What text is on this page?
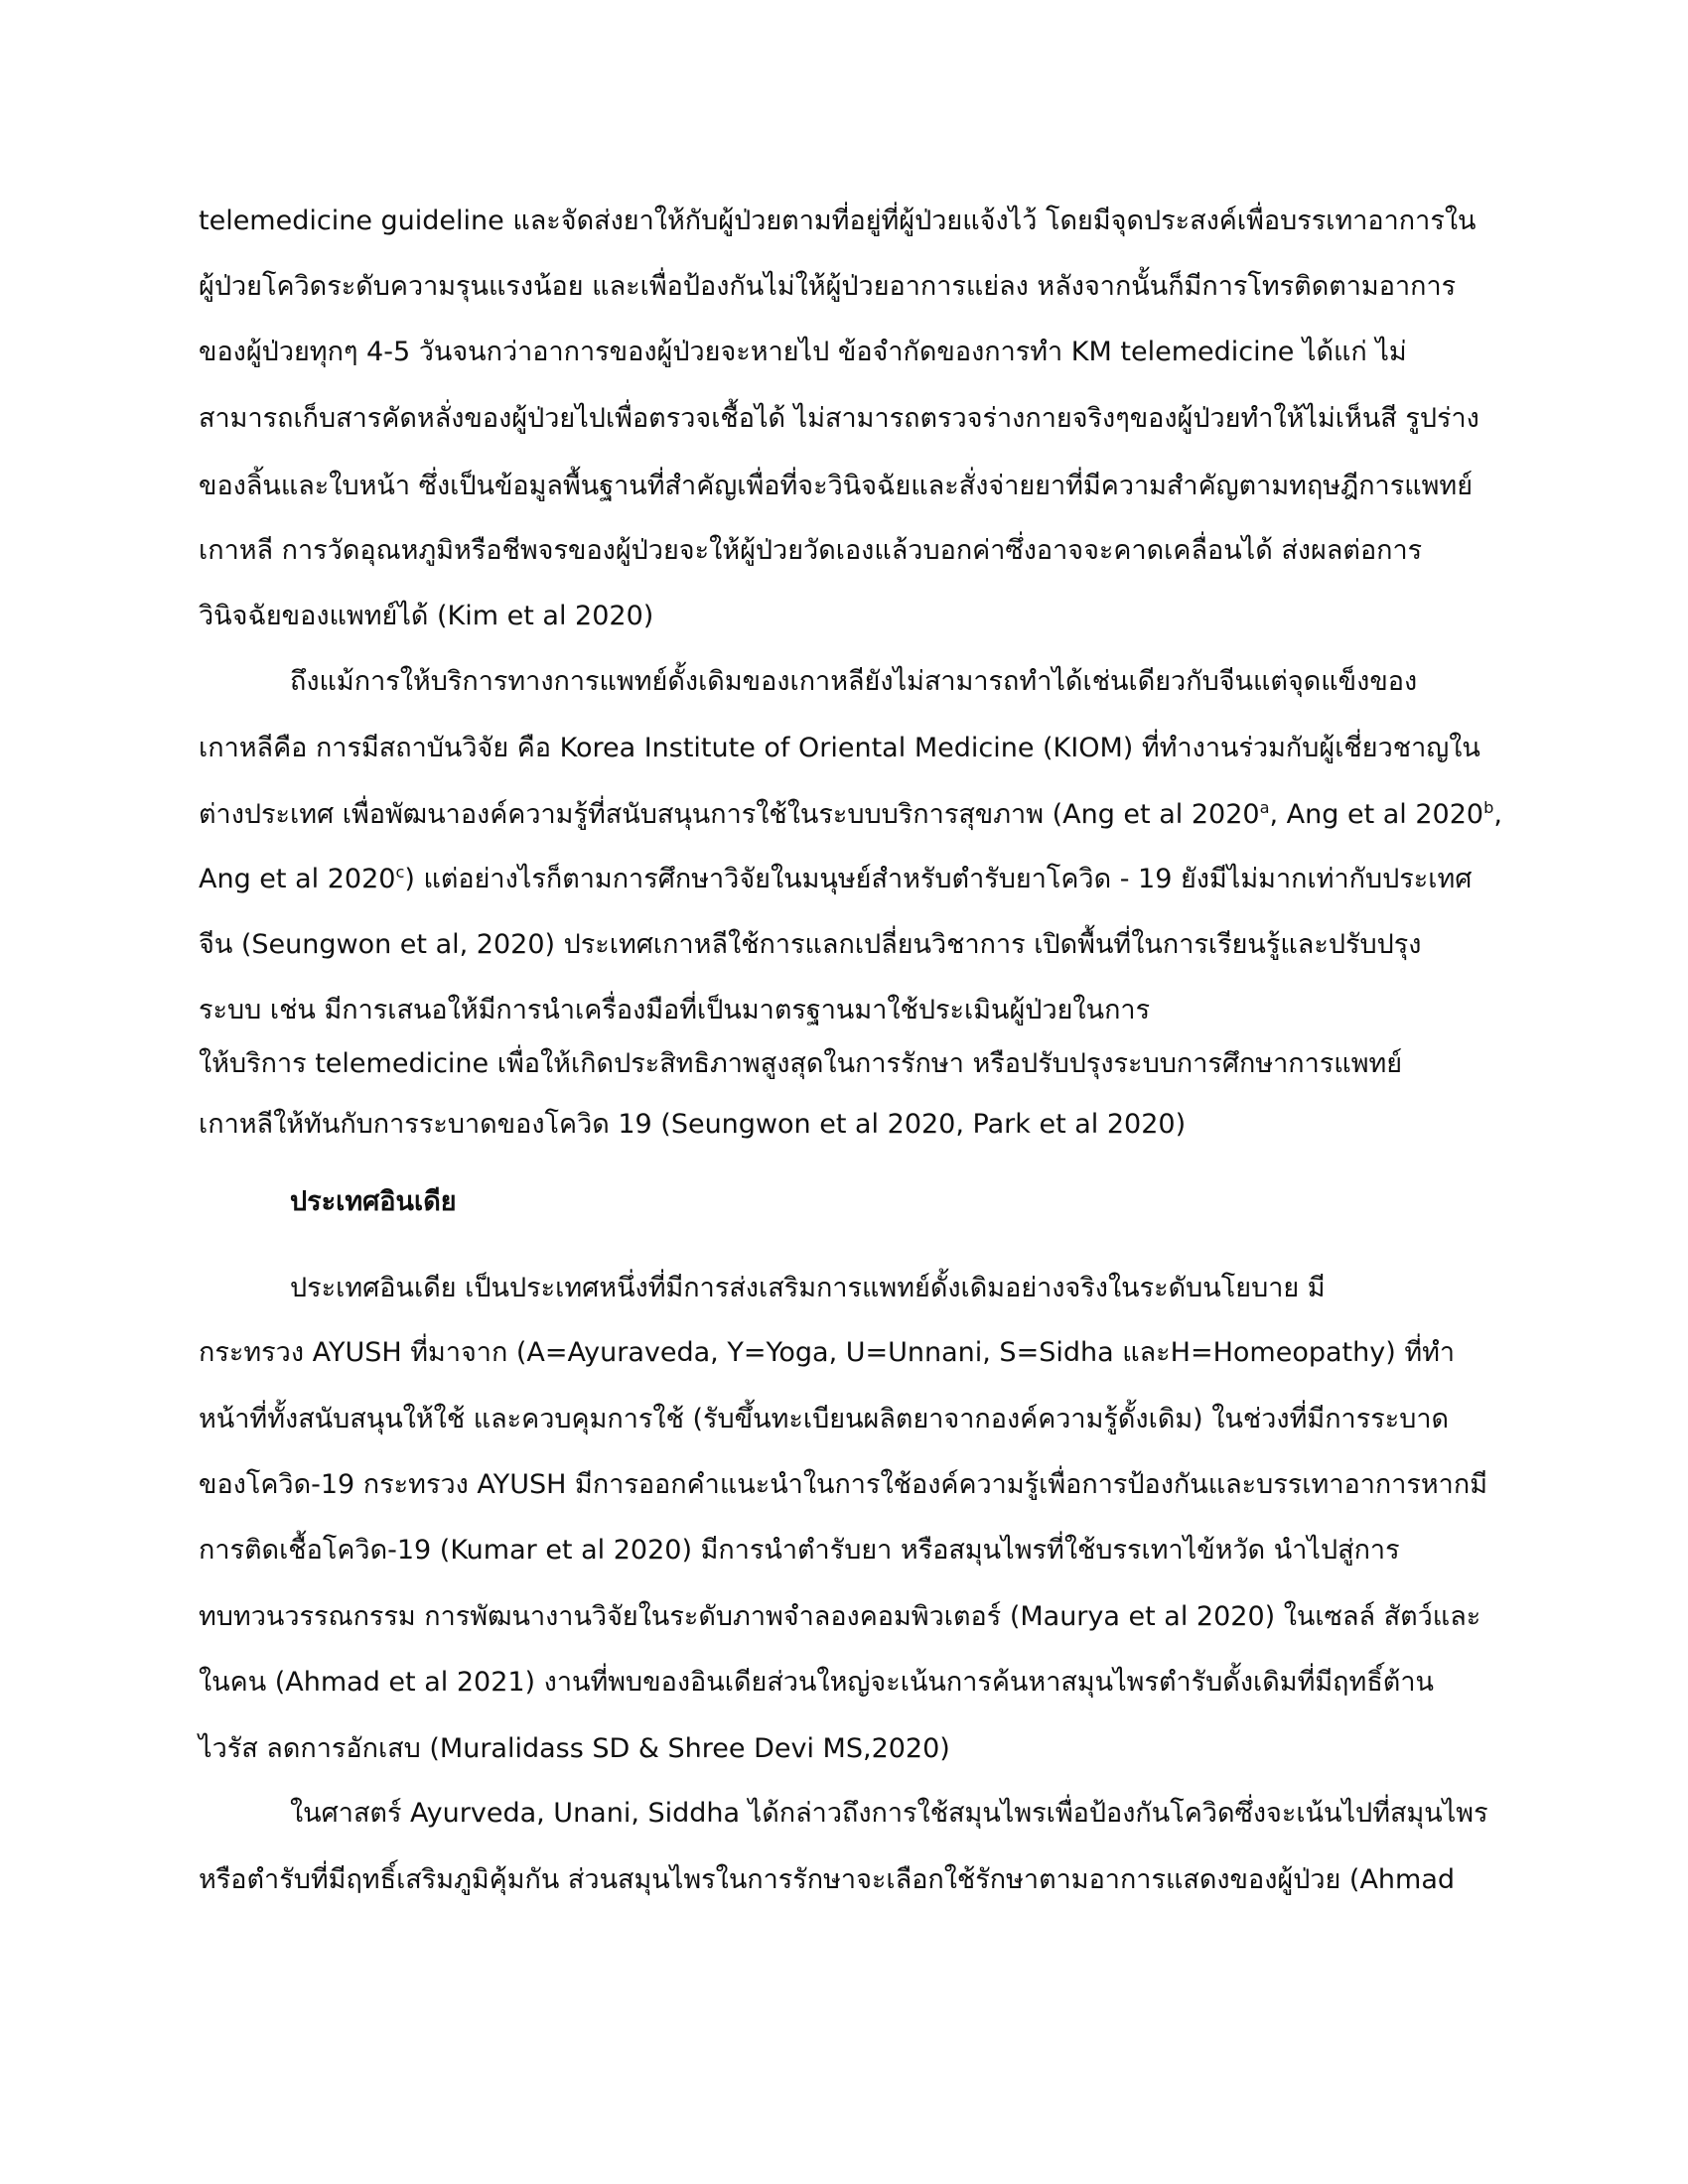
telemedicine guideline และจัดส่งยาให้กับผู้ป่วยตามที่อยู่ที่ผู้ป่วยแจ้งไว้ โดยมีจุดประสงค์เพื่อบรรเทาอาการใน
ผู้ป่วยโควิดระดับความรุนแรงน้อย และเพื่อป้องกันไม่ให้ผู้ป่วยอาการแย่ลง หลังจากนั้นก็มีการโทรติดตามอาการ
ของผู้ป่วยทุกๆ 4-5 วันจนกว่าอาการของผู้ป่วยจะหายไป ข้อจำกัดของการทำ KM telemedicine ได้แก่ ไม่
สามารถเก็บสารคัดหลั่งของผู้ป่วยไปเพื่อตรวจเชื้อได้ ไม่สามารถตรวจร่างกายจริงๆของผู้ป่วยทำให้ไม่เห็นสี รูปร่าง
ของลิ้นและใบหน้า ซึ่งเป็นข้อมูลพื้นฐานที่สำคัญเพื่อที่จะวินิจฉัยและสั่งจ่ายยาที่มีความสำคัญตามทฤษฎีการแพทย์
เกาหลี การวัดอุณหภูมิหรือชีพจรของผู้ป่วยจะให้ผู้ป่วยวัดเองแล้วบอกค่าซึ่งอาจจะคาดเคลื่อนได้ ส่งผลต่อการ
วินิจฉัยของแพทย์ได้ (Kim et al 2020)
ถึงแม้การให้บริการทางการแพทย์ดั้งเดิมของเกาหลียังไม่สามารถทำได้เช่นเดียวกับจีนแต่จุดแข็งของ
เกาหลีคือ การมีสถาบันวิจัย คือ Korea Institute of Oriental Medicine (KIOM) ที่ทำงานร่วมกับผู้เชี่ยวชาญใน
ต่างประเทศ เพื่อพัฒนาองค์ความรู้ที่สนับสนุนการใช้ในระบบบริการสุขภาพ (Ang et al 2020$^a$, Ang et al 2020$^b$,
Ang et al 2020$^c$) แต่อย่างไรก็ตามการศึกษาวิจัยในมนุษย์สำหรับตำรับยาโควิด - 19 ยังมีไม่มากเท่ากับประเทศ
จีน (Seungwon et al, 2020) ประเทศเกาหลีใช้การแลกเปลี่ยนวิชาการ เปิดพื้นที่ในการเรียนรู้และปรับปรุง
ระบบ เช่น มีการเสนอให้มีการนำเครื่องมือที่เป็นมาตรฐานมาใช้ประเมินผู้ป่วยในการ
ให้บริการ telemedicine เพื่อให้เกิดประสิทธิภาพสูงสุดในการรักษา หรือปรับปรุงระบบการศึกษาการแพทย์
เกาหลีให้ทันกับการระบาดของโควิด 19 (Seungwon et al 2020, Park et al 2020)
ประเทศอินเดีย
ประเทศอินเดีย เป็นประเทศหนึ่งที่มีการส่งเสริมการแพทย์ดั้งเดิมอย่างจริงในระดับนโยบาย มี
กระทรวง AYUSH ที่มาจาก (A=Ayuraveda, Y=Yoga, U=Unnani, S=Sidha และH=Homeopathy) ที่ทำ
หน้าที่ทั้งสนับสนุนให้ใช้ และควบคุมการใช้ (รับขึ้นทะเบียนผลิตยาจากองค์ความรู้ดั้งเดิม) ในช่วงที่มีการระบาด
ของโควิด-19 กระทรวง AYUSH มีการออกคำแนะนำในการใช้องค์ความรู้เพื่อการป้องกันและบรรเทาอาการหากมี
การติดเชื้อโควิด-19 (Kumar et al 2020) มีการนำตำรับยา หรือสมุนไพรที่ใช้บรรเทาไข้หวัด นำไปสู่การ
ทบทวนวรรณกรรม การพัฒนางานวิจัยในระดับภาพจำลองคอมพิวเตอร์ (Maurya et al 2020) ในเซลล์ สัตว์และ
ในคน (Ahmad et al 2021) งานที่พบของอินเดียส่วนใหญ่จะเน้นการค้นหาสมุนไพรตำรับดั้งเดิมที่มีฤทธิ์ต้าน
ไวรัส ลดการอักเสบ (Muralidass SD & Shree Devi MS,2020)
ในศาสตร์ Ayurveda, Unani, Siddha ได้กล่าวถึงการใช้สมุนไพรเพื่อป้องกันโควิดซึ่งจะเน้นไปที่สมุนไพร
หรือตำรับที่มีฤทธิ์เสริมภูมิคุ้มกัน ส่วนสมุนไพรในการรักษาจะเลือกใช้รักษาตามอาการแสดงของผู้ป่วย (Ahmad
